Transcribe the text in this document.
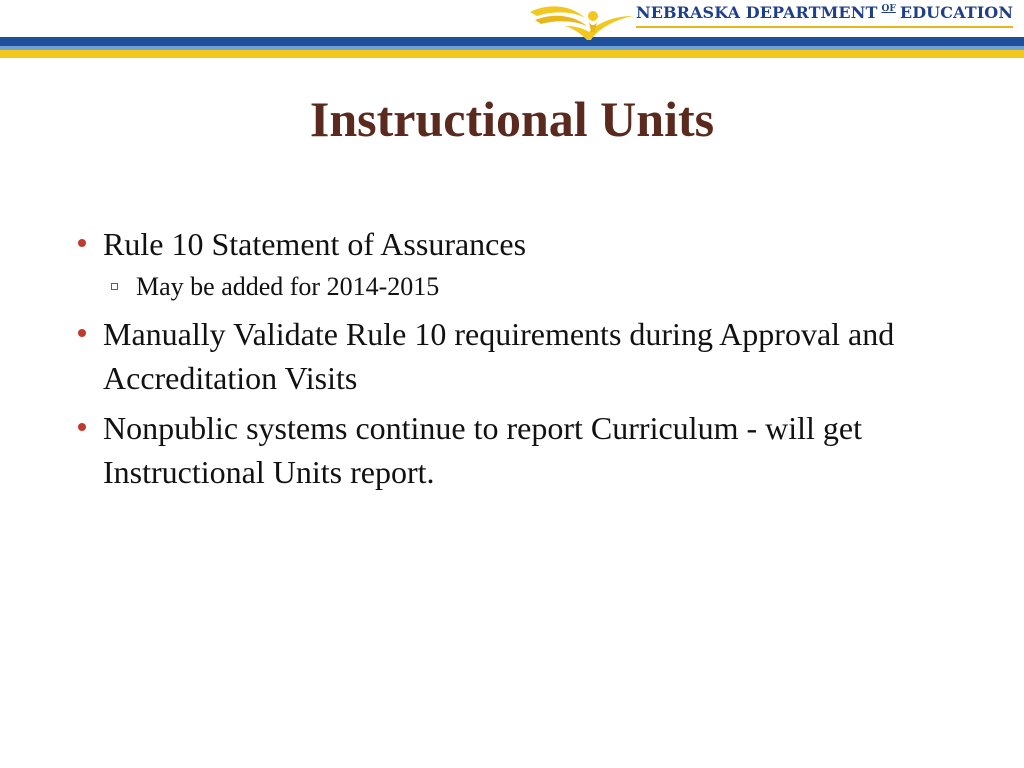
NEBRASKA DEPARTMENT OF EDUCATION
Instructional Units
Rule 10 Statement of Assurances
May be added for 2014-2015
Manually Validate Rule 10 requirements during Approval and Accreditation Visits
Nonpublic systems continue to report Curriculum - will get Instructional Units report.
